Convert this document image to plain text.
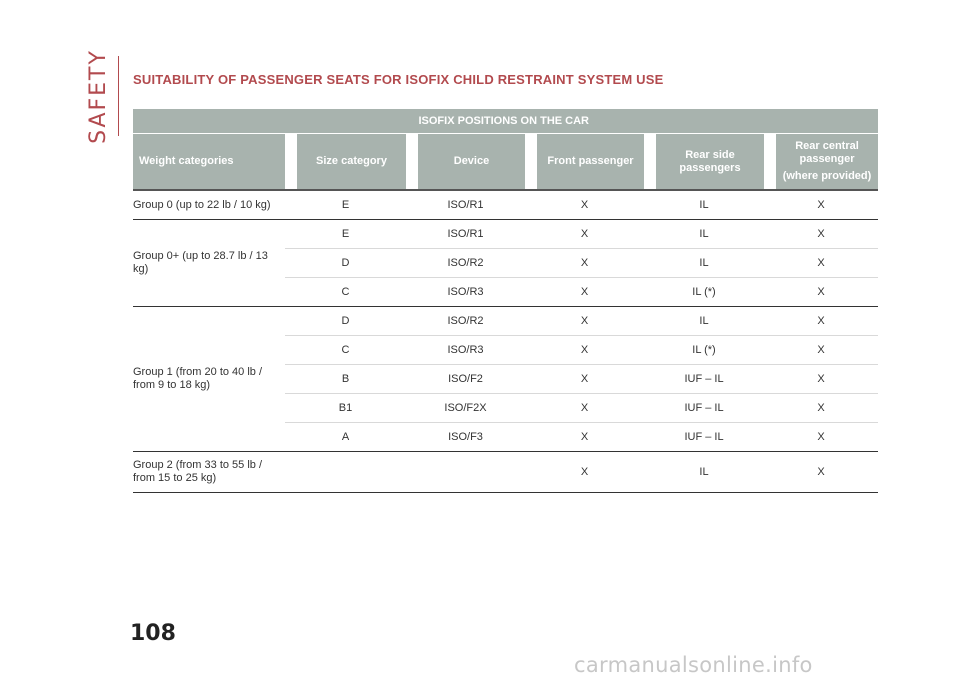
SAFETY SUITABILITY OF PASSENGER SEATS FOR ISOFIX CHILD RESTRAINT SYSTEM USE
	ISOFIX POSITIONS ON THE CAR				
Weight categories	Size category	Device	Front passenger	Rear side passengers	Rear central passenger
(where provided)

Group 0 (up to 22 lb / 10 kg)	E	ISO/R1	X	IL	X
Group 0+ (up to 28.7 lb / 13 kg)	E	ISO/R1	X	IL	X
	D	ISO/R2	X	IL	X
	C	ISO/R3	X	IL (*)	X
Group 1 (from 20 to 40 lb / from 9 to 18 kg)	D	ISO/R2	X	IL	X
	C	ISO/R3	X	IL (*)	X
	B	ISO/F2	X	IUF – IL	X
	B1	ISO/F2X	X	IUF – IL	X
	A	ISO/F3	X	IUF – IL	X
Group 2 (from 33 to 55 lb / from 15 to 25 kg)			X	IL	X
108
carmanualsonline.info
